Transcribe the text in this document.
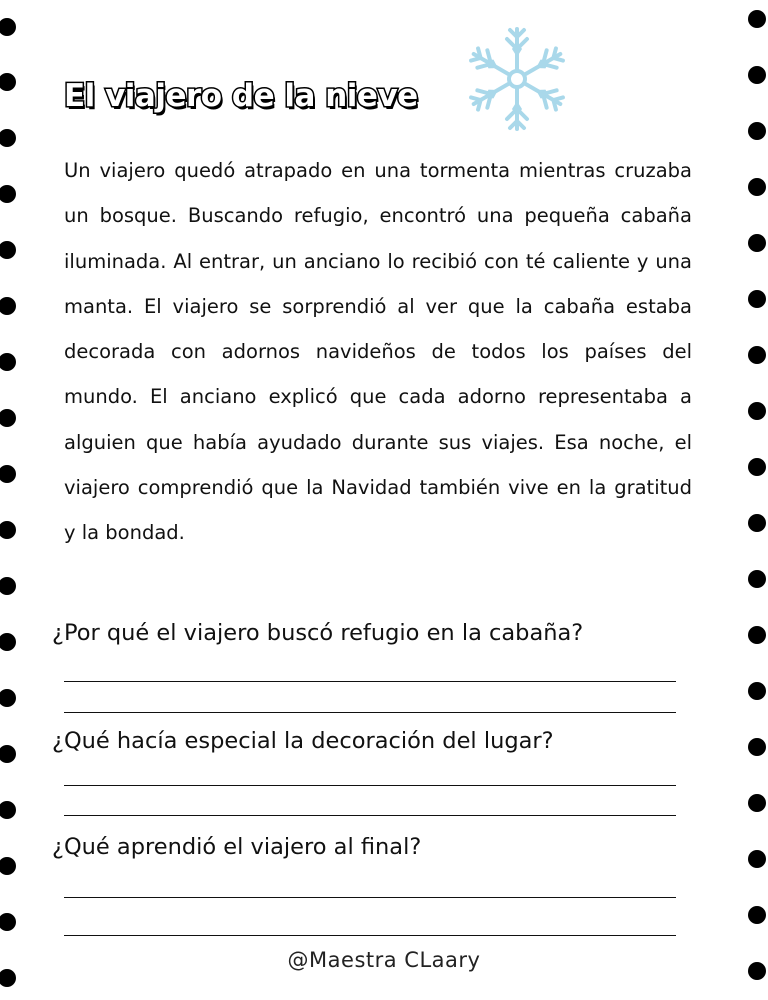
El viajero de la nieve

Un viajero quedó atrapado en una tormenta mientras cruzaba un bosque. Buscando refugio, encontró una pequeña cabaña iluminada. Al entrar, un anciano lo recibió con té caliente y una manta. El viajero se sorprendió al ver que la cabaña estaba decorada con adornos navideños de todos los países del mundo. El anciano explicó que cada adorno representaba a alguien que había ayudado durante sus viajes. Esa noche, el viajero comprendió que la Navidad también vive en la gratitud y la bondad.

¿Por qué el viajero buscó refugio en la cabaña?

¿Qué hacía especial la decoración del lugar?

¿Qué aprendió el viajero al final?

@Maestra CLaary
